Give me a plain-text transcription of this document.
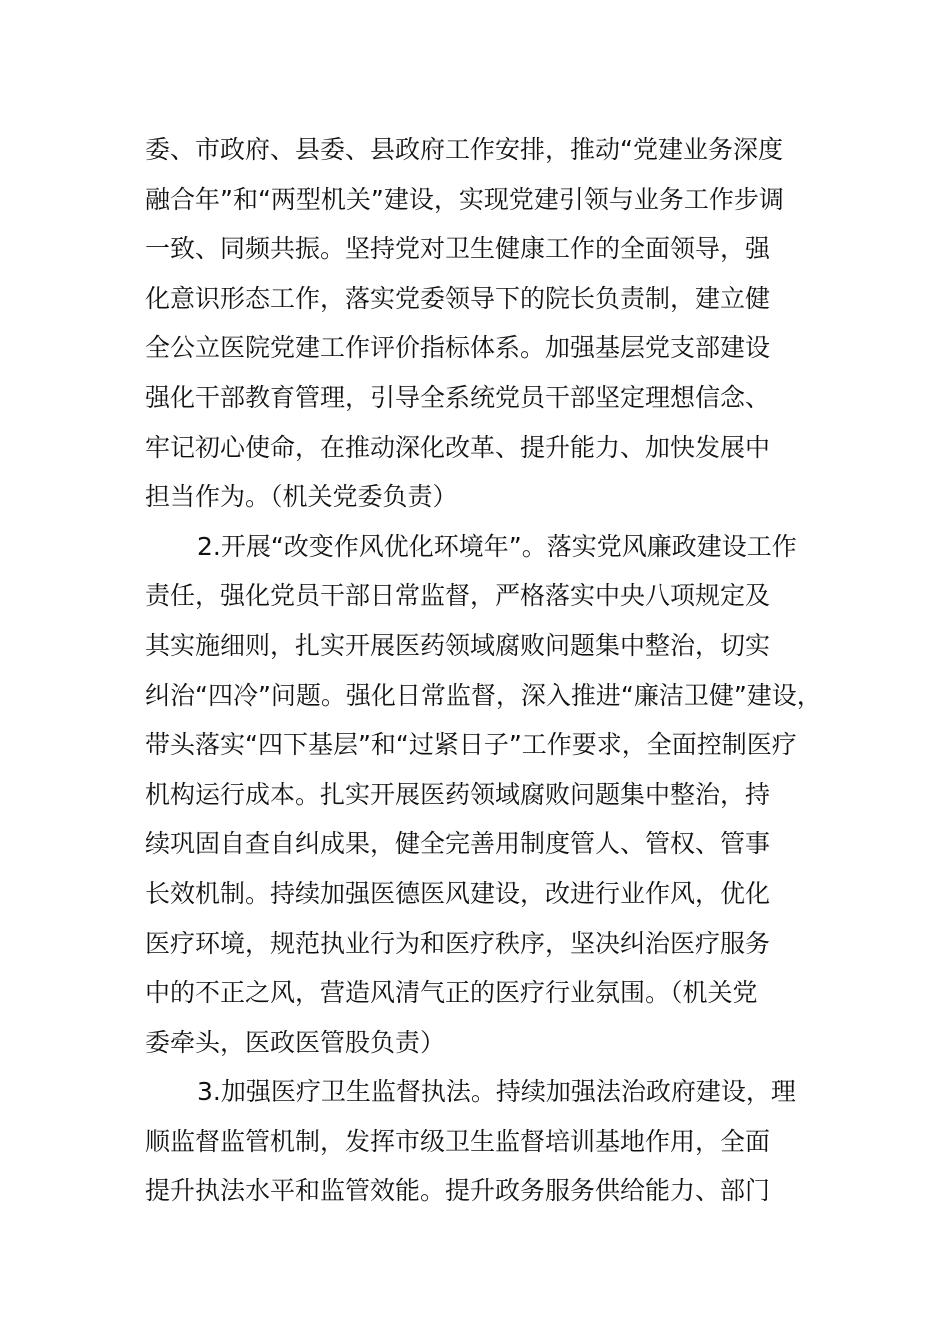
委、市政府、县委、县政府工作安排，推动“党建业务深度
融合年”和“两型机关”建设，实现党建引领与业务工作步调
一致、同频共振。坚持党对卫生健康工作的全面领导，强
化意识形态工作，落实党委领导下的院长负责制，建立健
全公立医院党建工作评价指标体系。加强基层党支部建设
强化干部教育管理，引导全系统党员干部坚定理想信念、
牢记初心使命，在推动深化改革、提升能力、加快发展中
担当作为。（机关党委负责）
2.开展“改变作风优化环境年”。落实党风廉政建设工作
责任，强化党员干部日常监督，严格落实中央八项规定及
其实施细则，扎实开展医药领域腐败问题集中整治，切实
纠治“四冷”问题。强化日常监督，深入推进“廉洁卫健”建设，
带头落实“四下基层”和“过紧日子”工作要求，全面控制医疗
机构运行成本。扎实开展医药领域腐败问题集中整治，持
续巩固自查自纠成果，健全完善用制度管人、管权、管事
长效机制。持续加强医德医风建设，改进行业作风，优化
医疗环境，规范执业行为和医疗秩序，坚决纠治医疗服务
中的不正之风，营造风清气正的医疗行业氛围。（机关党
委牵头，医政医管股负责）
3.加强医疗卫生监督执法。持续加强法治政府建设，理
顺监督监管机制，发挥市级卫生监督培训基地作用，全面
提升执法水平和监管效能。提升政务服务供给能力、部门
